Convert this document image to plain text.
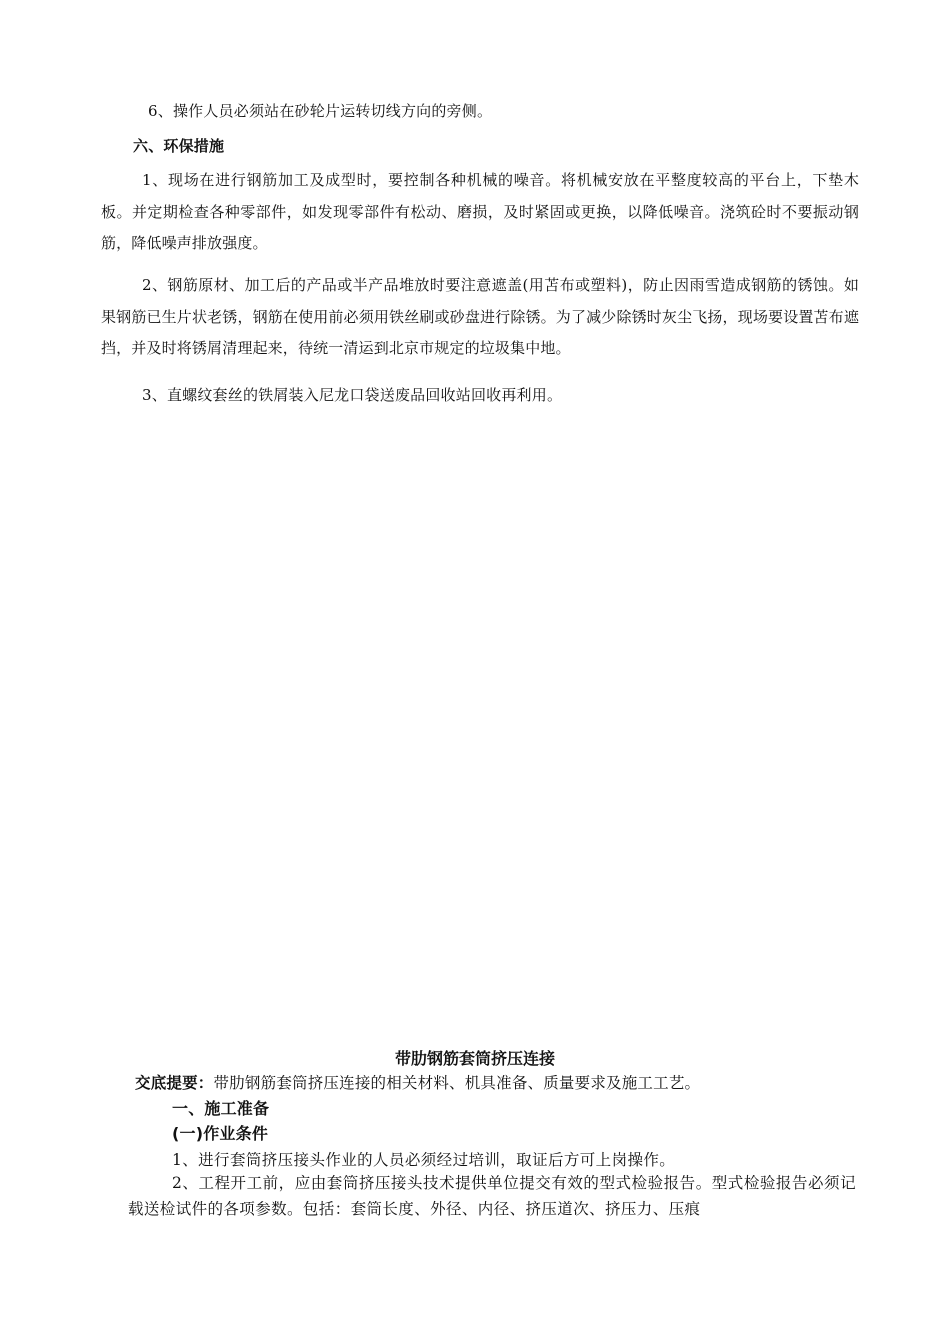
6、操作人员必须站在砂轮片运转切线方向的旁侧。
六、环保措施
1、现场在进行钢筋加工及成型时，要控制各种机械的噪音。将机械安放在平整度较高的平台上，下垫木板。并定期检查各种零部件，如发现零部件有松动、磨损，及时紧固或更换，以降低噪音。浇筑砼时不要振动钢筋，降低噪声排放强度。
2、钢筋原材、加工后的产品或半产品堆放时要注意遮盖(用苫布或塑料)，防止因雨雪造成钢筋的锈蚀。如果钢筋已生片状老锈，钢筋在使用前必须用铁丝刷或砂盘进行除锈。为了减少除锈时灰尘飞扬，现场要设置苫布遮挡，并及时将锈屑清理起来，待统一清运到北京市规定的垃圾集中地。
3、直螺纹套丝的铁屑装入尼龙口袋送废品回收站回收再利用。
带肋钢筋套筒挤压连接
交底提要：带肋钢筋套筒挤压连接的相关材料、机具准备、质量要求及施工工艺。
一、施工准备
(一)作业条件
1、进行套筒挤压接头作业的人员必须经过培训，取证后方可上岗操作。
2、工程开工前，应由套筒挤压接头技术提供单位提交有效的型式检验报告。型式检验报告必须记载送检试件的各项参数。包括：套筒长度、外径、内径、挤压道次、挤压力、压痕
